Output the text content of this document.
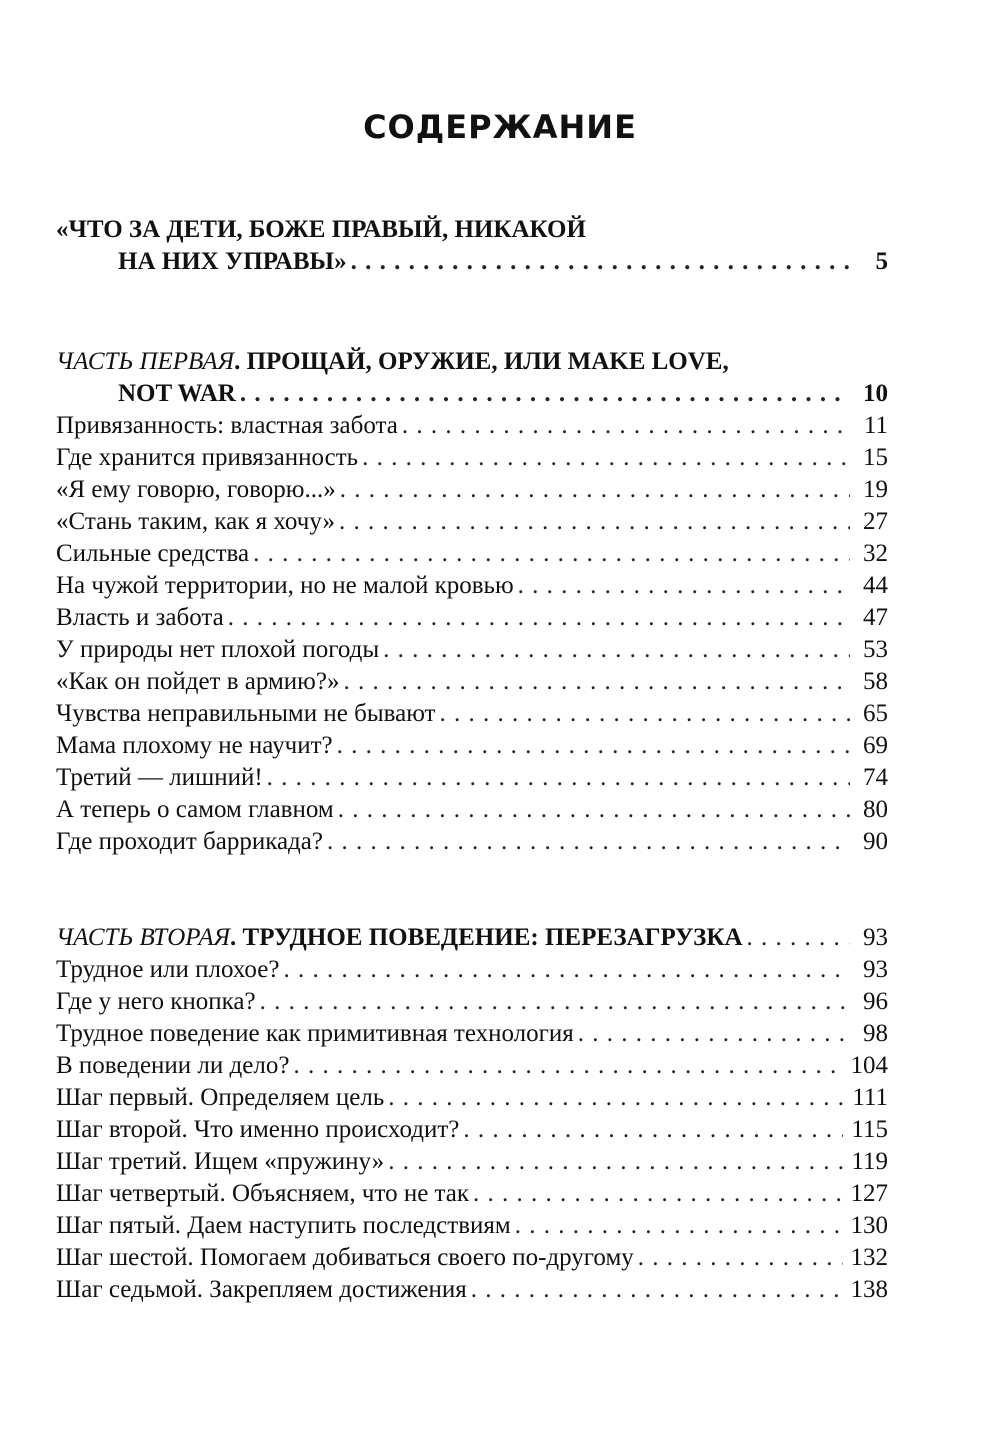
СОДЕРЖАНИЕ
«ЧТО ЗА ДЕТИ, БОЖЕ ПРАВЫЙ, НИКАКОЙ
НА НИХ УПРАВЫ» . . .	5
ЧАСТЬ ПЕРВАЯ. ПРОЩАЙ, ОРУЖИЕ, ИЛИ MAKE LOVE,
NOT WAR . . .	10
Привязанность: властная забота . . .	11
Где хранится привязанность . . .	15
«Я ему говорю, говорю...» . . .	19
«Стань таким, как я хочу» . . .	27
Сильные средства . . .	32
На чужой территории, но не малой кровью . . .	44
Власть и забота . . .	47
У природы нет плохой погоды . . .	53
«Как он пойдет в армию?» . . .	58
Чувства неправильными не бывают . . .	65
Мама плохому не научит? . . .	69
Третий — лишний! . . .	74
А теперь о самом главном . . .	80
Где проходит баррикада? . . .	90
ЧАСТЬ ВТОРАЯ. ТРУДНОЕ ПОВЕДЕНИЕ: ПЕРЕЗАГРУЗКА . . .	93
Трудное или плохое? . . .	93
Где у него кнопка? . . .	96
Трудное поведение как примитивная технология . . .	98
В поведении ли дело? . . .	104
Шаг первый. Определяем цель . . .	111
Шаг второй. Что именно происходит? . . .	115
Шаг третий. Ищем «пружину» . . .	119
Шаг четвертый. Объясняем, что не так . . .	127
Шаг пятый. Даем наступить последствиям . . .	130
Шаг шестой. Помогаем добиваться своего по-другому . . .	132
Шаг седьмой. Закрепляем достижения . . .	138
